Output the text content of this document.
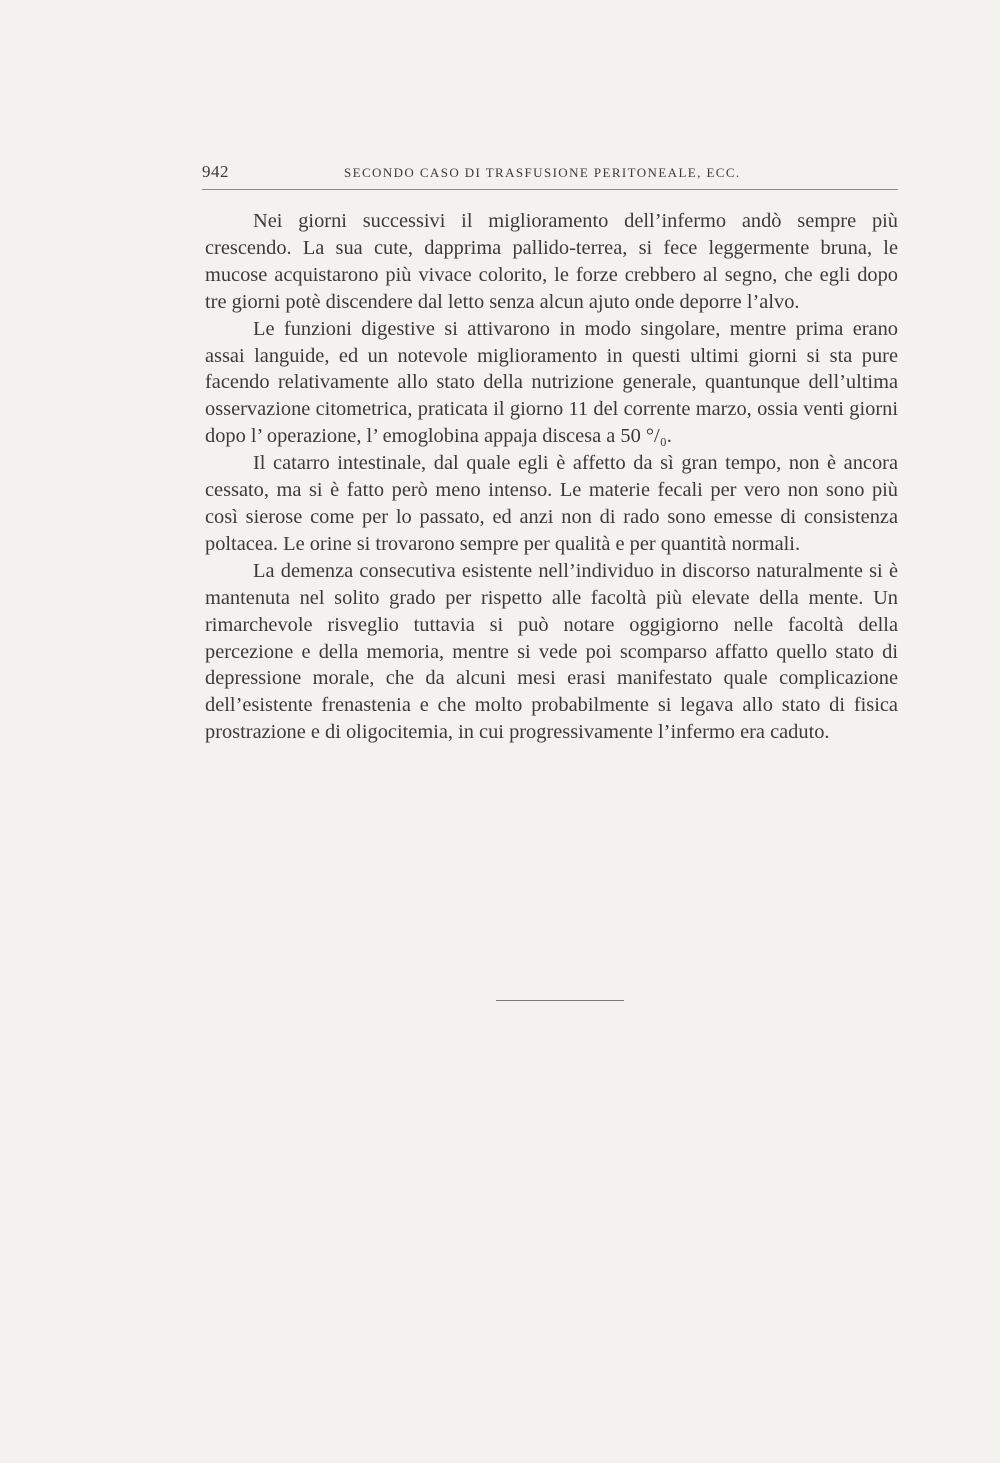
942	SECONDO CASO DI TRASFUSIONE PERITONEALE, ECC.

Nei giorni successivi il miglioramento dell’infermo andò sempre più crescendo. La sua cute, dapprima pallido-terrea, si fece leggermente bruna, le mucose acquistarono più vivace colorito, le forze crebbero al segno, che egli dopo tre giorni potè discendere dal letto senza alcun ajuto onde deporre l’alvo.

Le funzioni digestive si attivarono in modo singolare, mentre prima erano assai languide, ed un notevole miglioramento in questi ultimi giorni si sta pure facendo relativamente allo stato della nutrizione generale, quantunque dell’ultima osservazione citometrica, praticata il giorno 11 del corrente marzo, ossia venti giorni dopo l’ operazione, l’ emoglobina appaja discesa a 50 °/₀.

Il catarro intestinale, dal quale egli è affetto da sì gran tempo, non è ancora cessato, ma si è fatto però meno intenso. Le materie fecali per vero non sono più così sierose come per lo passato, ed anzi non di rado sono emesse di consistenza poltacea. Le orine si trovarono sempre per qualità e per quantità normali.

La demenza consecutiva esistente nell’individuo in discorso naturalmente si è mantenuta nel solito grado per rispetto alle facoltà più elevate della mente. Un rimarchevole risveglio tuttavia si può notare oggigiorno nelle facoltà della percezione e della memoria, mentre si vede poi scomparso affatto quello stato di depressione morale, che da alcuni mesi erasi manifestato quale complicazione dell’esistente frenastenia e che molto probabilmente si legava allo stato di fisica prostrazione e di oligocitemia, in cui progressivamente l’infermo era caduto.
